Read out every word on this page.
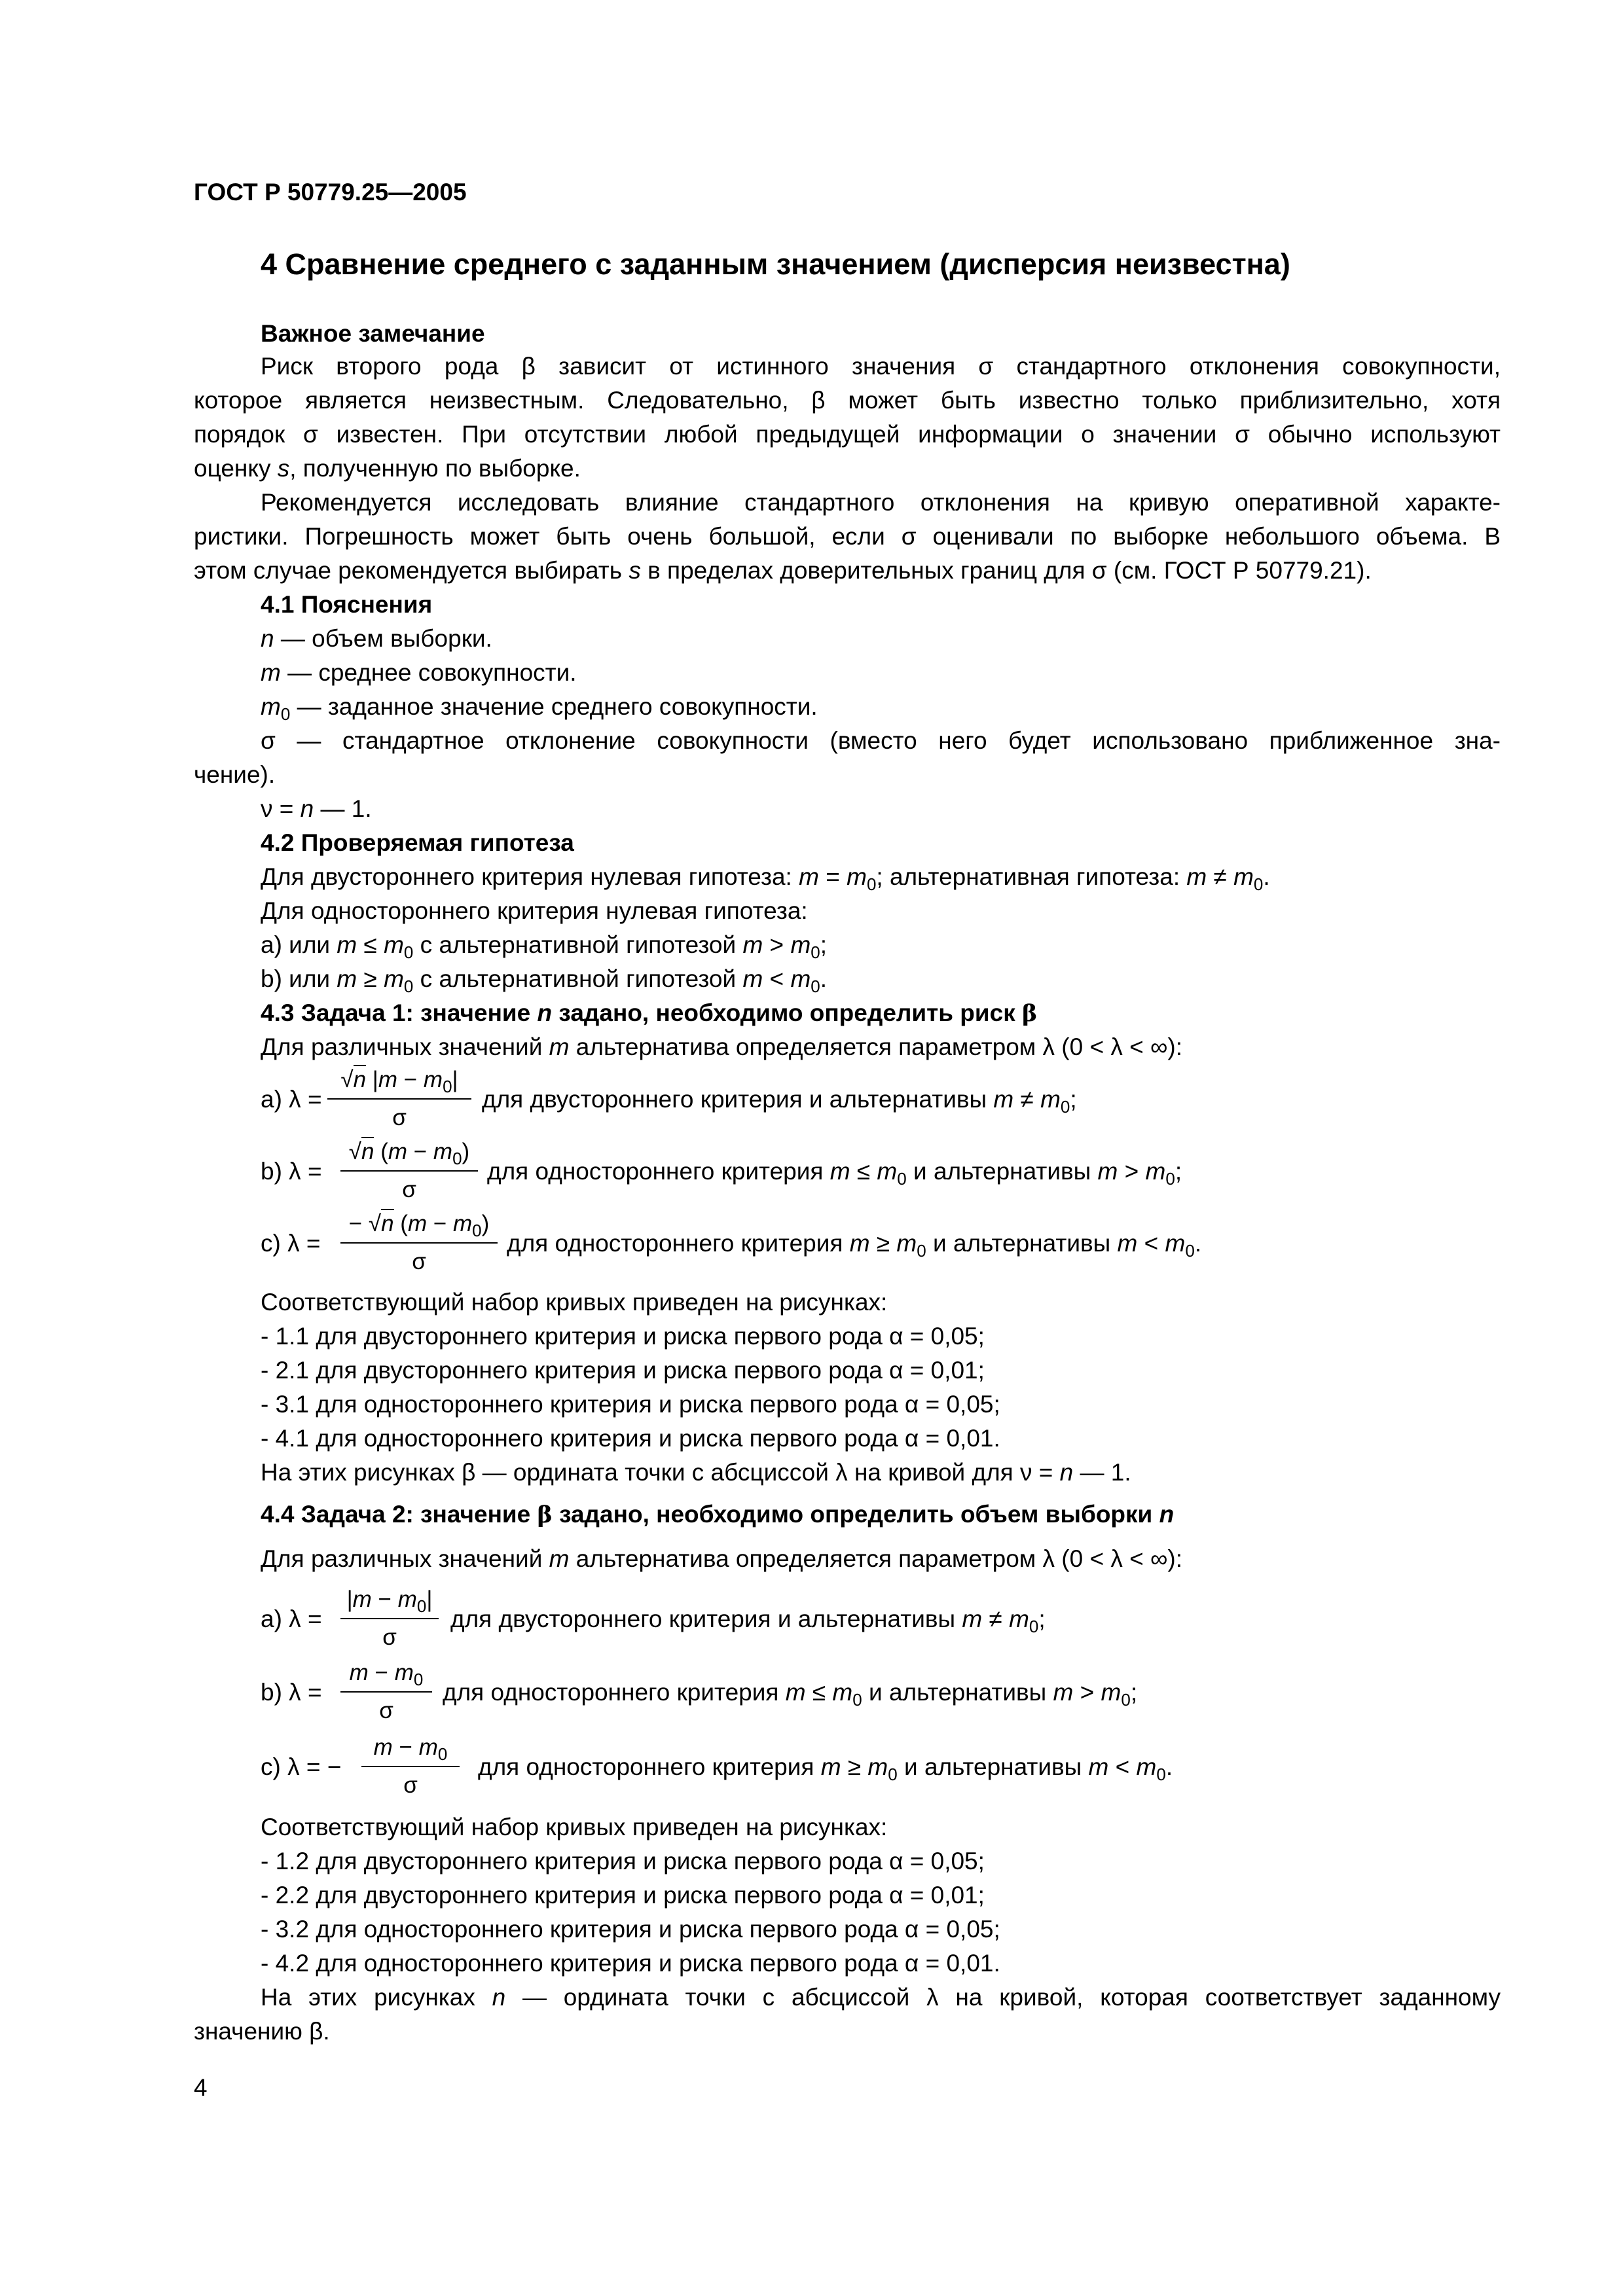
ГОСТ Р 50779.25—2005
4 Сравнение среднего с заданным значением (дисперсия неизвестна)
Важное замечание
Риск второго рода β зависит от истинного значения σ стандартного отклонения совокупности,
которое является неизвестным. Следовательно, β может быть известно только приблизительно, хотя
порядок σ известен. При отсутствии любой предыдущей информации о значении σ обычно используют
оценку s, полученную по выборке.
Рекомендуется исследовать влияние стандартного отклонения на кривую оперативной характе-
ристики. Погрешность может быть очень большой, если σ оценивали по выборке небольшого объема. В
этом случае рекомендуется выбирать s в пределах доверительных границ для σ (см. ГОСТ Р 50779.21).
4.1 Пояснения
n — объем выборки.
m — среднее совокупности.
$m_0$ — заданное значение среднего совокупности.
σ — стандартное отклонение совокупности (вместо него будет использовано приближенное зна-
чение).
ν = n — 1.
4.2 Проверяемая гипотеза
Для двустороннего критерия нулевая гипотеза: $m = m_0$; альтернативная гипотеза: $m \ne m_0$.
Для одностороннего критерия нулевая гипотеза:
a) или $m \le m_0$ с альтернативной гипотезой $m > m_0$;
b) или $m \ge m_0$ с альтернативной гипотезой $m < m_0$.
4.3 Задача 1: значение n задано, необходимо определить риск β
Для различных значений m альтернатива определяется параметром λ (0 < λ < ∞):
a) λ =
√n $|m - m_0|$
σ
для двустороннего критерия и альтернативы $m \ne m_0$;
b) λ =
√n $(m - m_0)$
σ
для одностороннего критерия $m \le m_0$ и альтернативы $m > m_0$;
c) λ =
− √n $(m - m_0)$
σ
для одностороннего критерия $m \ge m_0$ и альтернативы $m < m_0$.
Соответствующий набор кривых приведен на рисунках:
- 1.1 для двустороннего критерия и риска первого рода α = 0,05;
- 2.1 для двустороннего критерия и риска первого рода α = 0,01;
- 3.1 для одностороннего критерия и риска первого рода α = 0,05;
- 4.1 для одностороннего критерия и риска первого рода α = 0,01.
На этих рисунках β — ордината точки с абсциссой λ на кривой для ν = n — 1.
4.4 Задача 2: значение β задано, необходимо определить объем выборки n
Для различных значений m альтернатива определяется параметром λ (0 < λ < ∞):
a) λ =
$|m - m_0|$
σ
для двустороннего критерия и альтернативы $m \ne m_0$;
b) λ =
$m - m_0$
σ
для одностороннего критерия $m \le m_0$ и альтернативы $m > m_0$;
c) λ = −
$m - m_0$
σ
для одностороннего критерия $m \ge m_0$ и альтернативы $m < m_0$.
Соответствующий набор кривых приведен на рисунках:
- 1.2 для двустороннего критерия и риска первого рода α = 0,05;
- 2.2 для двустороннего критерия и риска первого рода α = 0,01;
- 3.2 для одностороннего критерия и риска первого рода α = 0,05;
- 4.2 для одностороннего критерия и риска первого рода α = 0,01.
На этих рисунках n — ордината точки с абсциссой λ на кривой, которая соответствует заданному
значению β.
4
